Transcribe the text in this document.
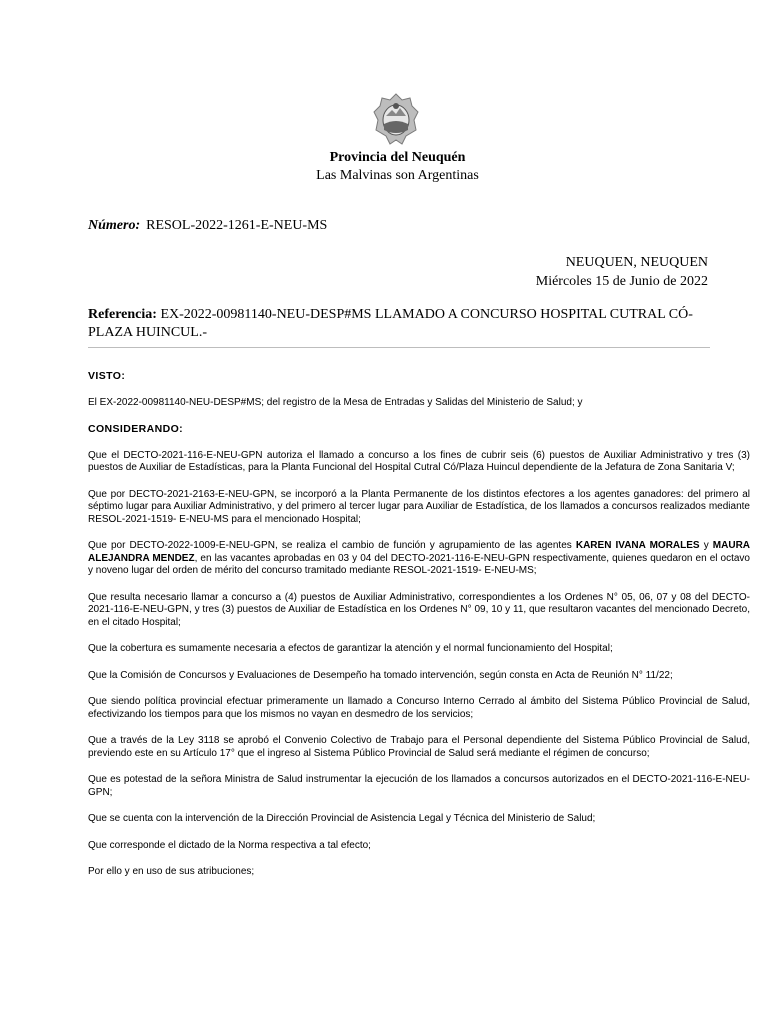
Provincia del Neuquén
Las Malvinas son Argentinas
Número: RESOL-2022-1261-E-NEU-MS
NEUQUEN, NEUQUEN
Miércoles 15 de Junio de 2022
Referencia: EX-2022-00981140-NEU-DESP#MS LLAMADO A CONCURSO HOSPITAL CUTRAL CÓ-PLAZA HUINCUL.-
VISTO:

El EX-2022-00981140-NEU-DESP#MS; del registro de la Mesa de Entradas y Salidas del Ministerio de Salud; y

CONSIDERANDO:

Que el DECTO-2021-116-E-NEU-GPN autoriza el llamado a concurso a los fines de cubrir seis (6) puestos de Auxiliar Administrativo y tres (3) puestos de Auxiliar de Estadísticas, para la Planta Funcional del Hospital Cutral Có/Plaza Huincul dependiente de la Jefatura de Zona Sanitaria V;

Que por DECTO-2021-2163-E-NEU-GPN, se incorporó a la Planta Permanente de los distintos efectores a los agentes ganadores: del primero al séptimo lugar para Auxiliar Administrativo, y del primero al tercer lugar para Auxiliar de Estadística, de los llamados a concursos realizados mediante RESOL-2021-1519- E-NEU-MS para el mencionado Hospital;

Que por DECTO-2022-1009-E-NEU-GPN, se realiza el cambio de función y agrupamiento de las agentes KAREN IVANA MORALES y MAURA ALEJANDRA MENDEZ, en las vacantes aprobadas en 03 y 04 del DECTO-2021-116-E-NEU-GPN respectivamente, quienes quedaron en el octavo y noveno lugar del orden de mérito del concurso tramitado mediante RESOL-2021-1519- E-NEU-MS;

Que resulta necesario llamar a concurso a (4) puestos de Auxiliar Administrativo, correspondientes a los Ordenes N° 05, 06, 07 y 08 del DECTO-2021-116-E-NEU-GPN, y tres (3) puestos de Auxiliar de Estadística en los Ordenes N° 09, 10 y 11, que resultaron vacantes del mencionado Decreto, en el citado Hospital;

Que la cobertura es sumamente necesaria a efectos de garantizar la atención y el normal funcionamiento del Hospital;

Que la Comisión de Concursos y Evaluaciones de Desempeño ha tomado intervención, según consta en Acta de Reunión N° 11/22;

Que siendo política provincial efectuar primeramente un llamado a Concurso Interno Cerrado al ámbito del Sistema Público Provincial de Salud, efectivizando los tiempos para que los mismos no vayan en desmedro de los servicios;

Que a través de la Ley 3118 se aprobó el Convenio Colectivo de Trabajo para el Personal dependiente del Sistema Público Provincial de Salud, previendo este en su Artículo 17° que el ingreso al Sistema Público Provincial de Salud será mediante el régimen de concurso;

Que es potestad de la señora Ministra de Salud instrumentar la ejecución de los llamados a concursos autorizados en el DECTO-2021-116-E-NEU-GPN;

Que se cuenta con la intervención de la Dirección Provincial de Asistencia Legal y Técnica del Ministerio de Salud;

Que corresponde el dictado de la Norma respectiva a tal efecto;

Por ello y en uso de sus atribuciones;
